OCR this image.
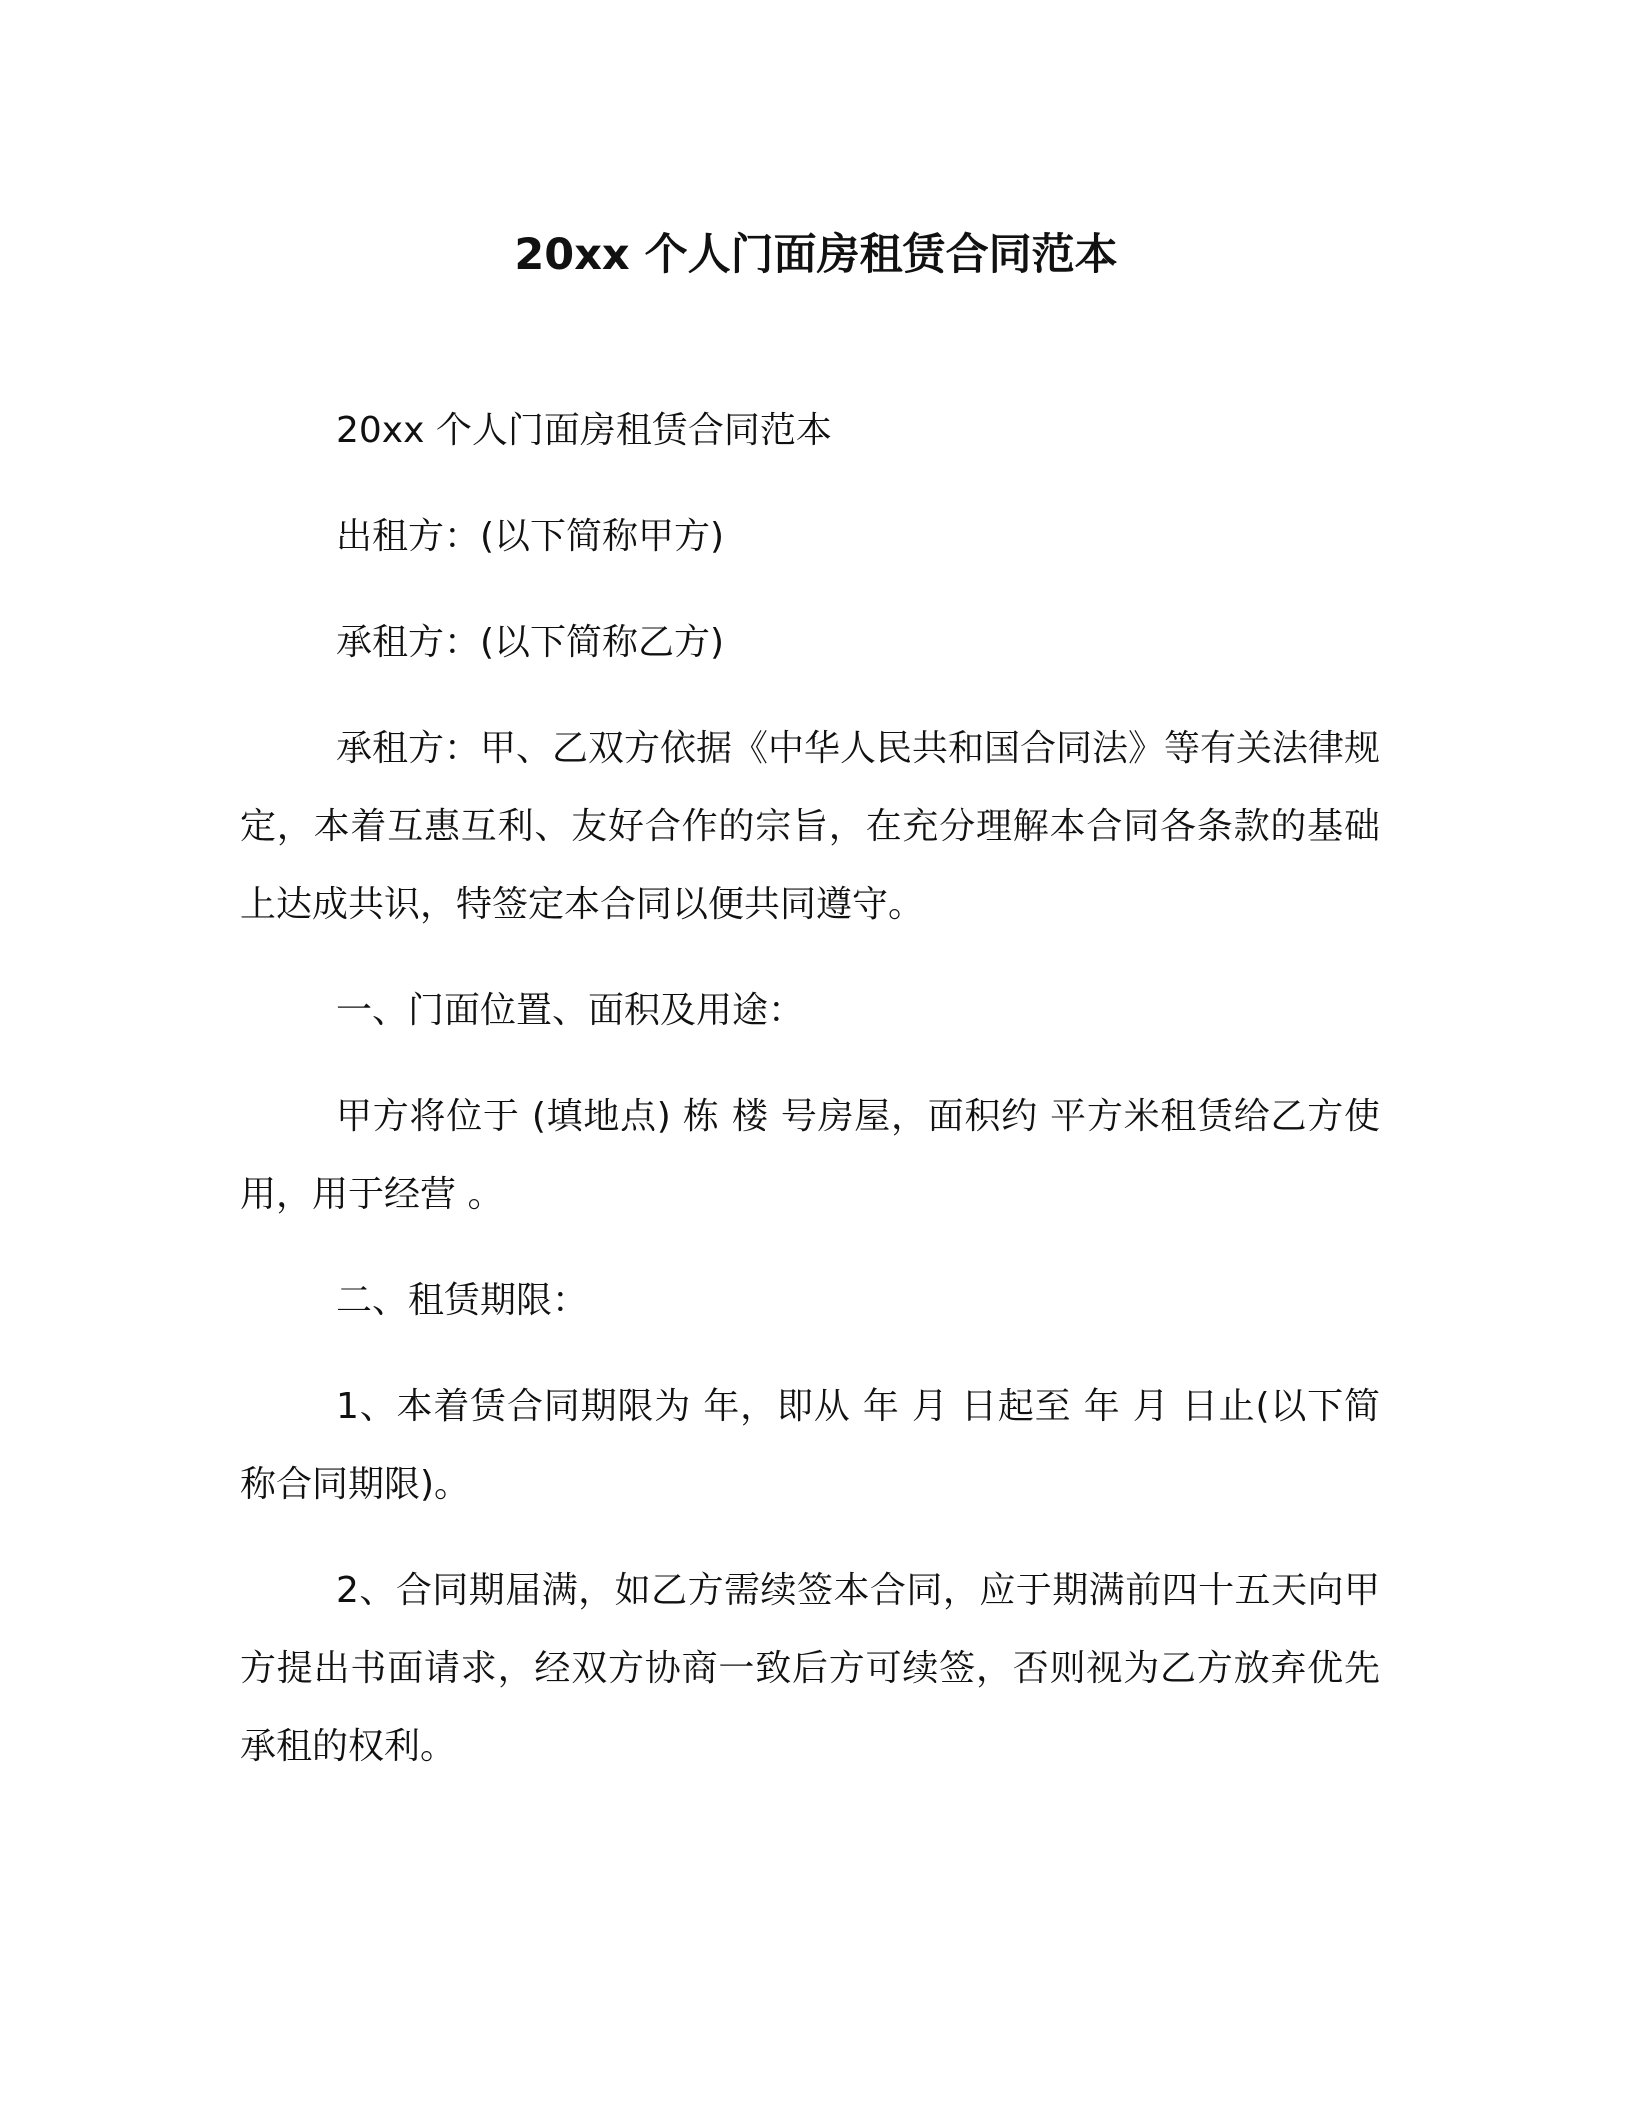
20xx 个人门面房租赁合同范本

20xx 个人门面房租赁合同范本

出租方：(以下简称甲方)

承租方：(以下简称乙方)

承租方：甲、乙双方依据《中华人民共和国合同法》等有关法律规定，本着互惠互利、友好合作的宗旨，在充分理解本合同各条款的基础上达成共识，特签定本合同以便共同遵守。

一、门面位置、面积及用途：

甲方将位于 (填地点) 栋 楼 号房屋，面积约 平方米租赁给乙方使用，用于经营 。

二、租赁期限：

1、本着赁合同期限为 年，即从 年 月 日起至 年 月 日止(以下简称合同期限)。

2、合同期届满，如乙方需续签本合同，应于期满前四十五天向甲方提出书面请求，经双方协商一致后方可续签，否则视为乙方放弃优先承租的权利。
